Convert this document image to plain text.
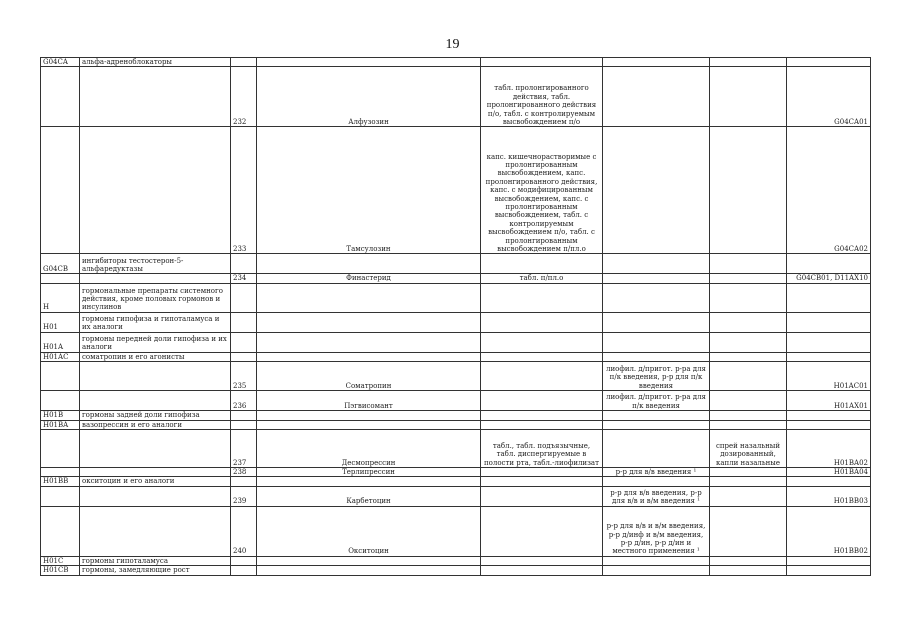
19
G04CA	альфа-адреноблокаторы						
		232	Алфузозин	табл. пролонгированного действия, табл. пролонгированного действия п/о, табл. с контролируемым высвобождением п/о			G04CA01
		233	Тамсулозин	капс. кишечнорастворимые с пролонгированным высвобождением, капс. пролонгированного действия, капс. с модифицированным высвобождением, капс. с пролонгированным высвобождением, табл. с контролируемым высвобождением п/о, табл. с пролонгированным высвобождением п/пл.о			G04CA02
G04CB	ингибиторы тестостерон-5-альфаредуктазы						
		234	Финастерид	табл. п/пл.о			G04CB01, D11AX10
H	гормональные препараты системного действия, кроме половых гормонов и инсулинов						
H01	гормоны гипофиза и гипоталамуса и их аналоги						
H01A	гормоны передней доли гипофиза и их аналоги						
H01AC	соматропин и его агонисты						
		235	Соматропин		лиофил. д/пригот. р-ра для п/к введения, р-р для п/к введения		H01AC01
		236	Пэгвисомант		лиофил. д/пригот. р-ра для п/к введения		H01AX01
H01B	гормоны задней доли гипофиза						
H01BA	вазопрессин и его аналоги						
		237	Десмопрессин	табл., табл. подъязычные, табл. диспергируемые в полости рта, табл.-лиофилизат		спрей назальный дозированный, капли назальные	H01BA02
		238	Терлипрессин		р-р для в/в введения ¹		H01BA04
H01BB	окситоцин и его аналоги						
		239	Карбетоцин		р-р для в/в введения, р-р для в/в и в/м введения ¹		H01BB03
		240	Окситоцин		р-р для в/в и в/м введения, р-р д/инф и в/м введения, р-р д/ин, р-р д/ин и местного применения ¹		H01BB02
H01C	гормоны гипоталамуса						
H01CB	гормоны, замедляющие рост						
